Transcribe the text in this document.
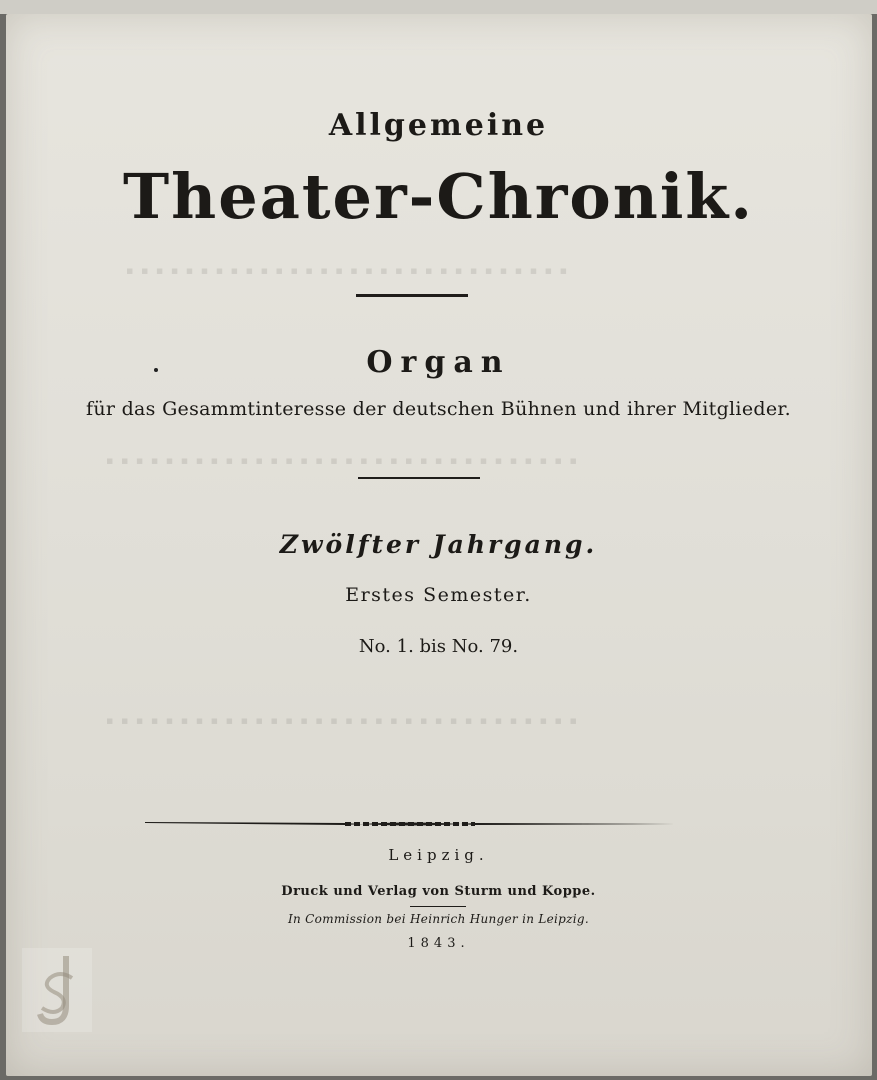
▪ ▪ ▪ ▪ ▪ ▪ ▪ ▪ ▪ ▪ ▪ ▪ ▪ ▪ ▪ ▪ ▪ ▪ ▪ ▪ ▪ ▪ ▪ ▪ ▪ ▪ ▪ ▪ ▪ ▪
▪ ▪ ▪ ▪ ▪ ▪ ▪ ▪ ▪ ▪ ▪ ▪ ▪ ▪ ▪ ▪ ▪ ▪ ▪ ▪ ▪ ▪ ▪ ▪ ▪ ▪ ▪ ▪ ▪ ▪ ▪ ▪
▪ ▪ ▪ ▪ ▪ ▪ ▪ ▪ ▪ ▪ ▪ ▪ ▪ ▪ ▪ ▪ ▪ ▪ ▪ ▪ ▪ ▪ ▪ ▪ ▪ ▪ ▪ ▪ ▪ ▪ ▪ ▪
Allgemeine
Theater-Chronik.
Organ
für das Gesammtinteresse der deutschen Bühnen und ihrer Mitglieder.
Zwölfter Jahrgang.
Erstes Semester.
No. 1. bis No. 79.
Leipzig.
Druck und Verlag von Sturm und Koppe.
In Commission bei Heinrich Hunger in Leipzig.
1843.
